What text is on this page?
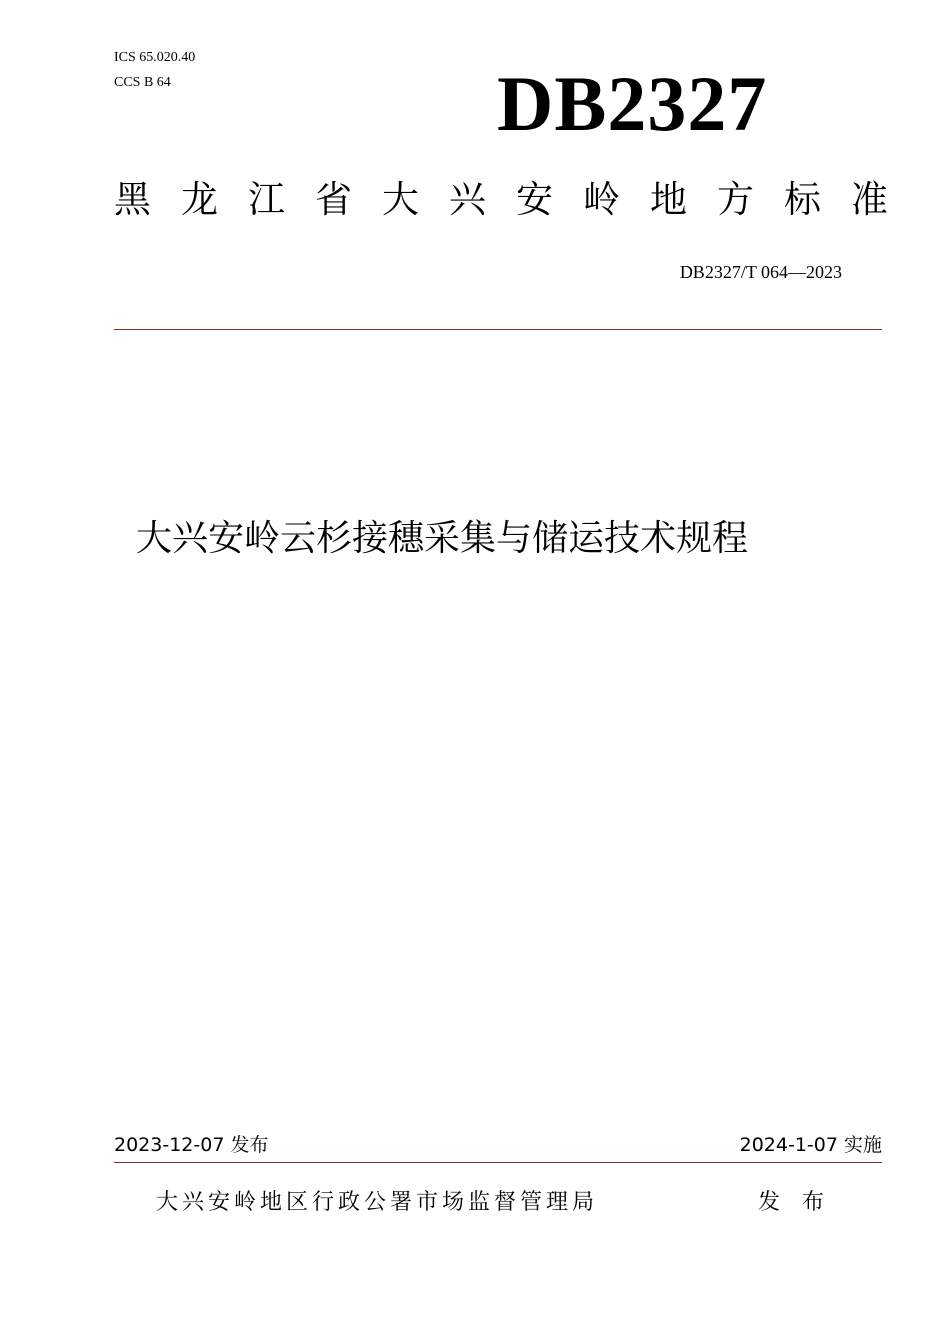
ICS 65.020.40
CCS B 64	DB2327
黑龙江省大兴安岭地方标准
DB2327/T 064—2023
大兴安岭云杉接穗采集与储运技术规程
2023-12-07 发布	2024-1-07 实施
大兴安岭地区行政公署市场监督管理局	发布
